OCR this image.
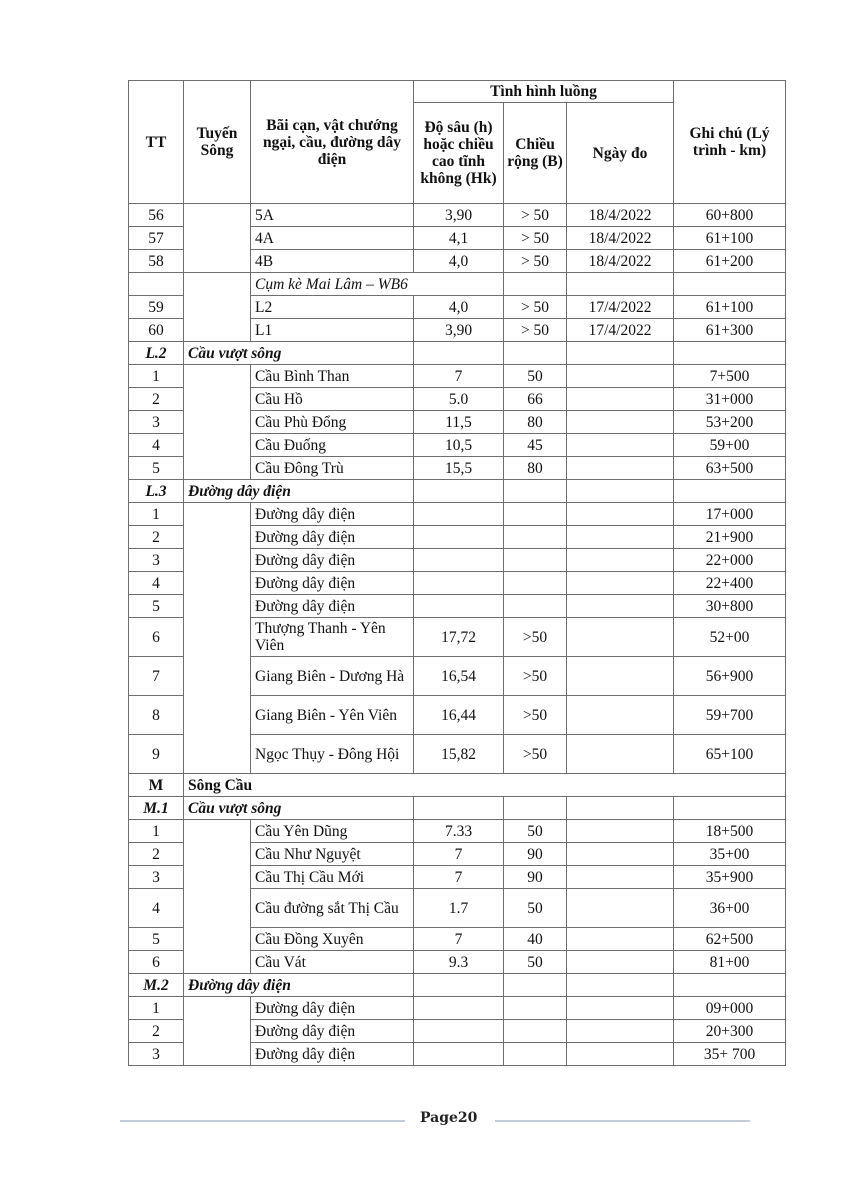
TT	Tuyến Sông	Bãi cạn, vật chướng ngại, cầu, đường dây điện	Tình hình luồng			Ghi chú (Lý trình - km)
			Độ sâu (h) hoặc chiều cao tĩnh không (Hk)	Chiều rộng (B)	Ngày đo	
56		5A	3,90	> 50	18/4/2022	60+800
57		4A	4,1	> 50	18/4/2022	61+100
58		4B	4,0	> 50	18/4/2022	61+200
		Cụm kè Mai Lâm – WB6				
59		L2	4,0	> 50	17/4/2022	61+100
60		L1	3,90	> 50	17/4/2022	61+300
L.2	Cầu vượt sông					
1		Cầu Bình Than	7	50		7+500
2		Cầu Hồ	5.0	66		31+000
3		Cầu Phù Đổng	11,5	80		53+200
4		Cầu Đuống	10,5	45		59+00
5		Cầu Đông Trù	15,5	80		63+500
L.3	Đường dây điện					
1		Đường dây điện				17+000
2		Đường dây điện				21+900
3		Đường dây điện				22+000
4		Đường dây điện				22+400
5		Đường dây điện				30+800
6		Thượng Thanh - Yên Viên	17,72	>50		52+00
7		Giang Biên - Dương Hà	16,54	>50		56+900
8		Giang Biên - Yên Viên	16,44	>50		59+700
9		Ngọc Thụy - Đông Hội	15,82	>50		65+100
M	Sông Cầu					
M.1	Cầu vượt sông					
1		Cầu Yên Dũng	7.33	50		18+500
2		Cầu Như Nguyệt	7	90		35+00
3		Cầu Thị Cầu Mới	7	90		35+900
4		Cầu đường sắt Thị Cầu	1.7	50		36+00
5		Cầu Đồng Xuyên	7	40		62+500
6		Cầu Vát	9.3	50		81+00
M.2	Đường dây điện					
1		Đường dây điện				09+000
2		Đường dây điện				20+300
3		Đường dây điện				35+ 700
Page20
